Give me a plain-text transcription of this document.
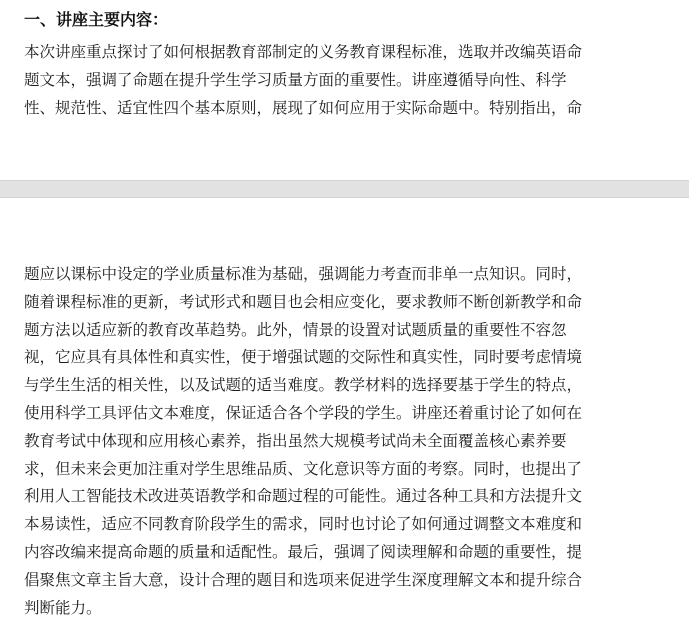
一、讲座主要内容：
本次讲座重点探讨了如何根据教育部制定的义务教育课程标准，选取并改编英语命
题文本，强调了命题在提升学生学习质量方面的重要性。讲座遵循导向性、科学
性、规范性、适宜性四个基本原则，展现了如何应用于实际命题中。特别指出，命
题应以课标中设定的学业质量标准为基础，强调能力考查而非单一点知识。同时，
随着课程标准的更新，考试形式和题目也会相应变化，要求教师不断创新教学和命
题方法以适应新的教育改革趋势。此外，情景的设置对试题质量的重要性不容忽
视，它应具有具体性和真实性，便于增强试题的交际性和真实性，同时要考虑情境
与学生生活的相关性，以及试题的适当难度。教学材料的选择要基于学生的特点，
使用科学工具评估文本难度，保证适合各个学段的学生。讲座还着重讨论了如何在
教育考试中体现和应用核心素养，指出虽然大规模考试尚未全面覆盖核心素养要
求，但未来会更加注重对学生思维品质、文化意识等方面的考察。同时，也提出了
利用人工智能技术改进英语教学和命题过程的可能性。通过各种工具和方法提升文
本易读性，适应不同教育阶段学生的需求，同时也讨论了如何通过调整文本难度和
内容改编来提高命题的质量和适配性。最后，强调了阅读理解和命题的重要性，提
倡聚焦文章主旨大意，设计合理的题目和选项来促进学生深度理解文本和提升综合
判断能力。
